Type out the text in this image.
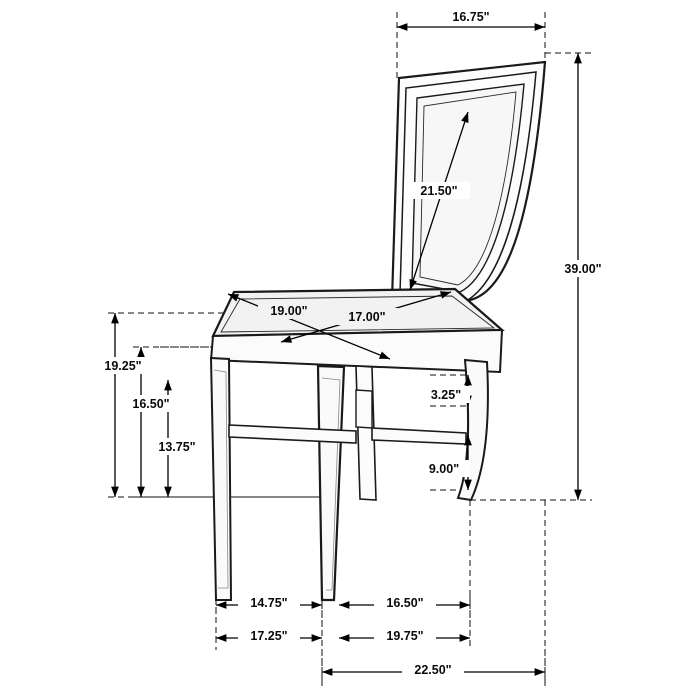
16.75"
39.00"
21.50"
19.00"	17.00"
19.25"
16.50"
13.75"
3.25"
9.00"
14.75"	16.50"
17.25"	19.75"
22.50"
